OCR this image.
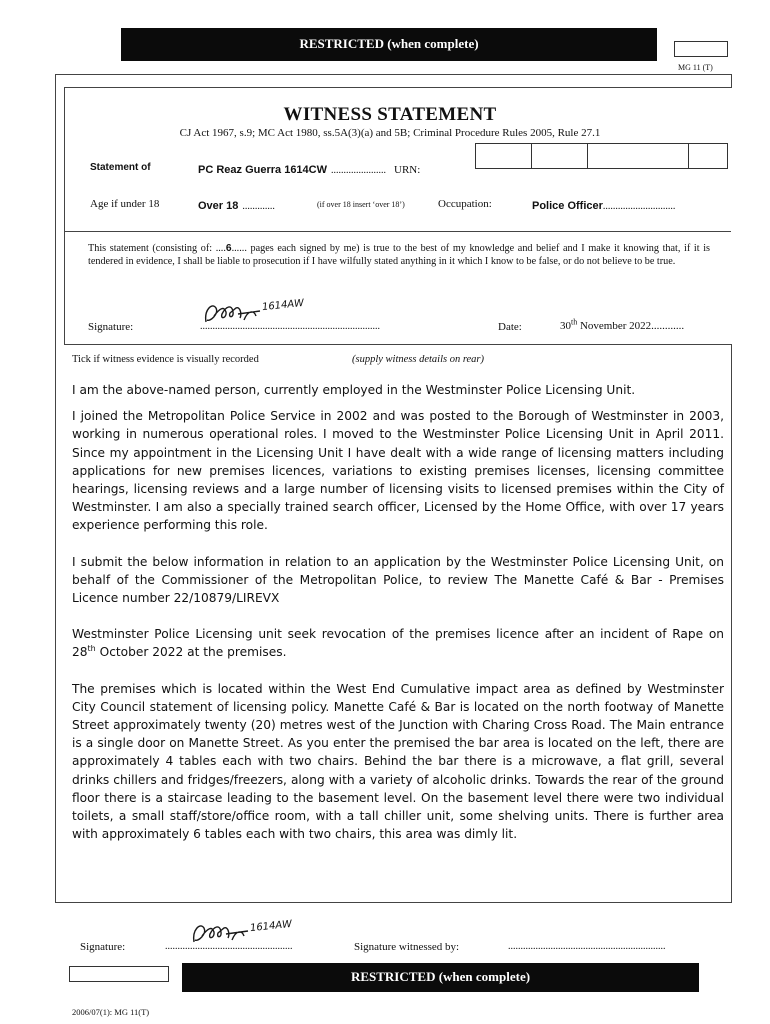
RESTRICTED (when complete)
MG 11 (T)
WITNESS STATEMENT
CJ Act 1967, s.9; MC Act 1980, ss.5A(3)(a) and 5B; Criminal Procedure Rules 2005, Rule 27.1
Statement of	PC Reaz Guerra 1614CW ...................... URN:
Age if under 18	Over 18 .............	(if over 18 insert ‘over 18’)	Occupation:	Police Officer.............................
This statement (consisting of: ....6...... pages each signed by me) is true to the best of my knowledge and belief and I make it knowing that, if it is tendered in evidence, I shall be liable to prosecution if I have wilfully stated anything in it which I know to be false, or do not believe to be true.
Signature:
1614AW
........................................................................	Date:	30th November 2022............
Tick if witness evidence is visually recorded	(supply witness details on rear)

I am the above-named person, currently employed in the Westminster Police Licensing Unit.

I joined the Metropolitan Police Service in 2002 and was posted to the Borough of Westminster in 2003, working in numerous operational roles. I moved to the Westminster Police Licensing Unit in April 2011. Since my appointment in the Licensing Unit I have dealt with a wide range of licensing matters including applications for new premises licences, variations to existing premises licenses, licensing committee hearings, licensing reviews and a large number of licensing visits to licensed premises within the City of Westminster. I am also a specially trained search officer, Licensed by the Home Office, with over 17 years experience performing this role.

I submit the below information in relation to an application by the Westminster Police Licensing Unit, on behalf of the Commissioner of the Metropolitan Police, to review The Manette Café & Bar - Premises Licence number 22/10879/LIREVX

Westminster Police Licensing unit seek revocation of the premises licence after an incident of Rape on 28th October 2022 at the premises.

The premises which is located within the West End Cumulative impact area as defined by Westminster City Council statement of licensing policy. Manette Café & Bar is located on the north footway of Manette Street approximately twenty (20) metres west of the Junction with Charing Cross Road. The Main entrance is a single door on Manette Street. As you enter the premised the bar area is located on the left, there are approximately 4 tables each with two chairs. Behind the bar there is a microwave, a flat grill, several drinks chillers and fridges/freezers, along with a variety of alcoholic drinks. Towards the rear of the ground floor there is a staircase leading to the basement level. On the basement level there were two individual toilets, a small staff/store/office room, with a tall chiller unit, some shelving units. There is further area with approximately 6 tables each with two chairs, this area was dimly lit.

Signature:
1614AW
...................................................	Signature witnessed by:	...............................................................
RESTRICTED (when complete)
2006/07(1): MG 11(T)
